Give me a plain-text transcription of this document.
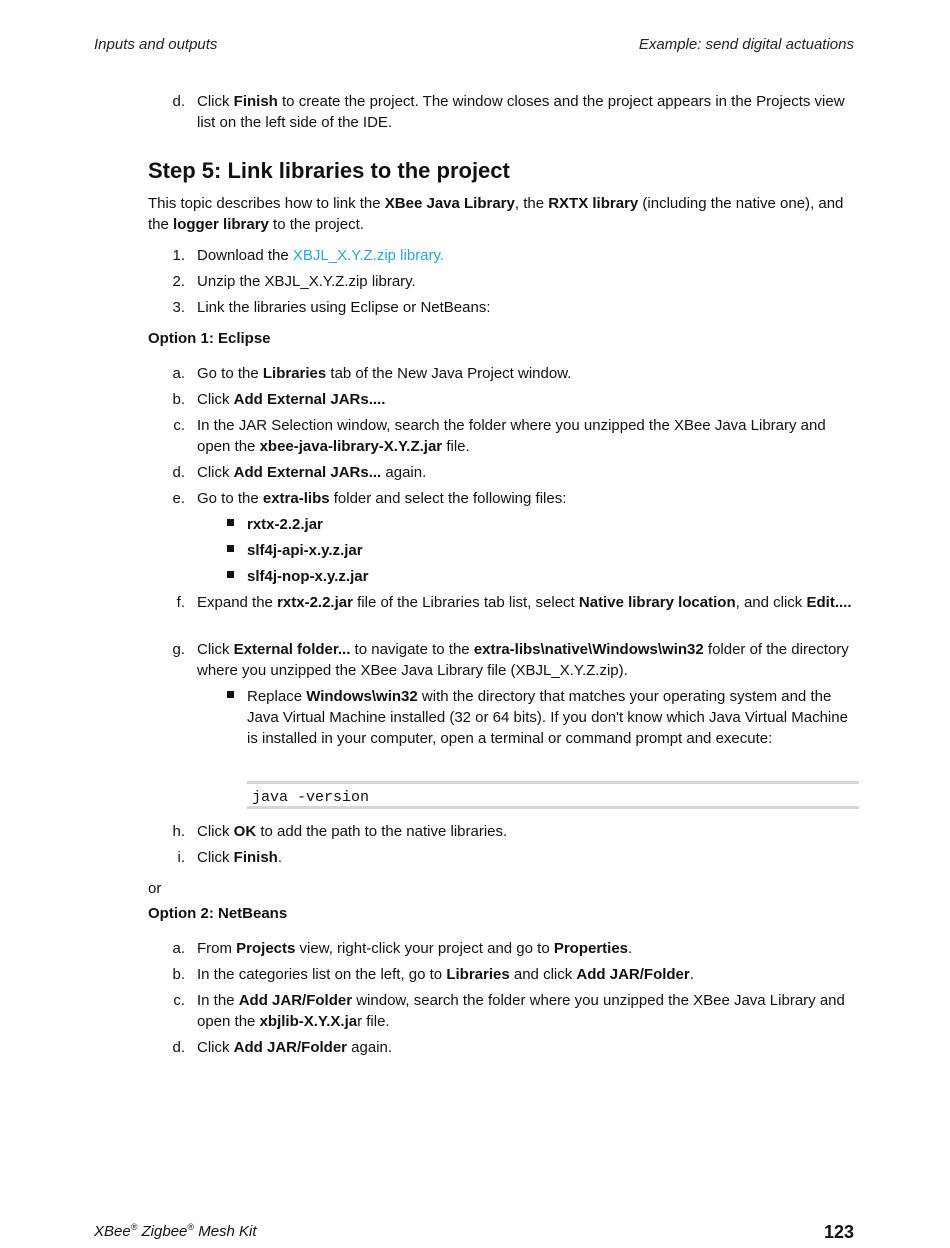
Inputs and outputs	Example: send digital actuations
d. Click Finish to create the project. The window closes and the project appears in the Projects view list on the left side of the IDE.
Step 5: Link libraries to the project
This topic describes how to link the XBee Java Library, the RXTX library (including the native one), and the logger library to the project.
1. Download the XBJL_X.Y.Z.zip library.
2. Unzip the XBJL_X.Y.Z.zip library.
3. Link the libraries using Eclipse or NetBeans:
Option 1: Eclipse
a. Go to the Libraries tab of the New Java Project window.
b. Click Add External JARs....
c. In the JAR Selection window, search the folder where you unzipped the XBee Java Library and open the xbee-java-library-X.Y.Z.jar file.
d. Click Add External JARs... again.
e. Go to the extra-libs folder and select the following files:
rxtx-2.2.jar
slf4j-api-x.y.z.jar
slf4j-nop-x.y.z.jar
f. Expand the rxtx-2.2.jar file of the Libraries tab list, select Native library location, and click Edit....
g. Click External folder... to navigate to the extra-libs\native\Windows\win32 folder of the directory where you unzipped the XBee Java Library file (XBJL_X.Y.Z.zip).
Replace Windows\win32 with the directory that matches your operating system and the Java Virtual Machine installed (32 or 64 bits). If you don't know which Java Virtual Machine is installed in your computer, open a terminal or command prompt and execute:
java -version
h. Click OK to add the path to the native libraries.
i. Click Finish.
or
Option 2: NetBeans
a. From Projects view, right-click your project and go to Properties.
b. In the categories list on the left, go to Libraries and click Add JAR/Folder.
c. In the Add JAR/Folder window, search the folder where you unzipped the XBee Java Library and open the xbjlib-X.Y.X.jar file.
d. Click Add JAR/Folder again.
XBee® Zigbee® Mesh Kit	123
